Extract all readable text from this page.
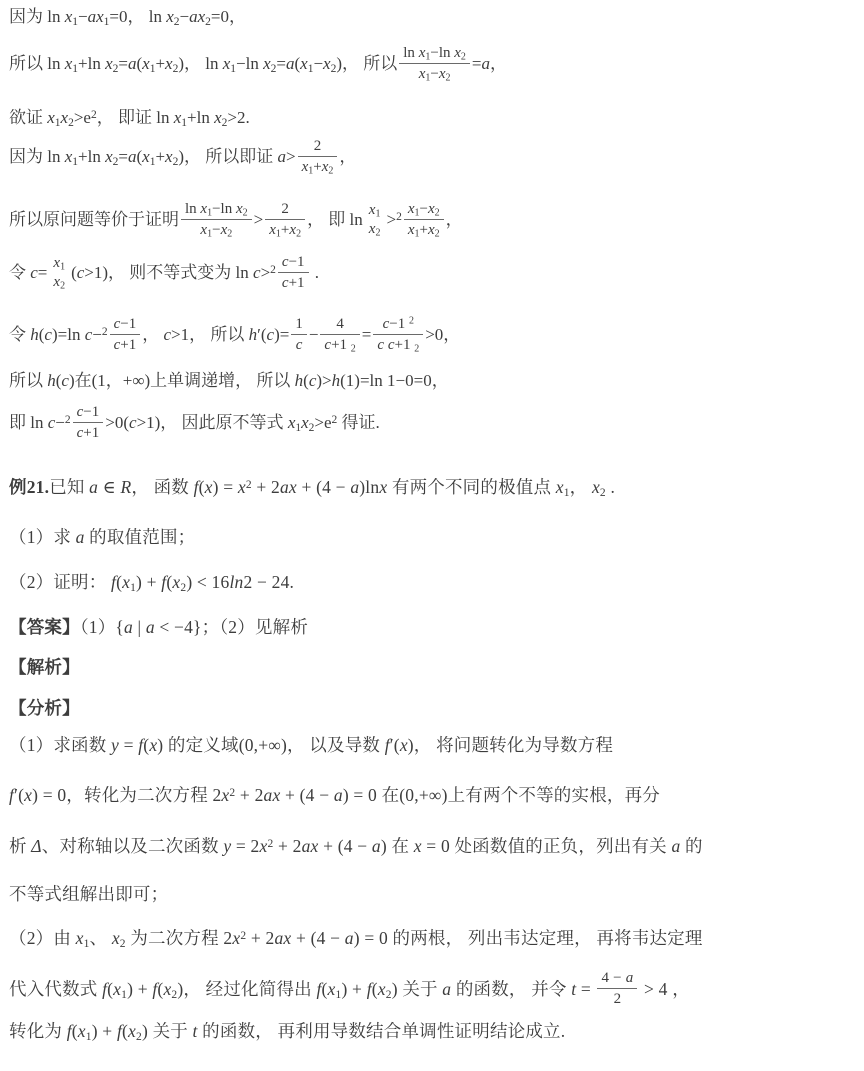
因为 $\ln x_1-ax_1=0$， $\ln x_2-ax_2=0$，
所以 $\ln x_1+\ln$ $x_2=a(x_1+x_2)$， $\ln x_1-\ln$ $x_2=a(x_1-x_2)$， 所以 $\frac{\ln x_1-\ln x_2}{x_1-x_2} =a$，
欲证 $x_1x_2>e^2$， 即证 $\ln x_1+\ln$ $x_2>2$.
因为 $\ln x_1+\ln$ $x_2=a(x_1+x_2)$， 所以即证 $a> \frac{2}{x_1+x_2}$ ，
所以原问题等价于证明 $\frac{\ln x_1-\ln x_2}{x_1-x_2} > \frac{2}{x_1+x_2}$ ， 即 ln
$x_1$
$x_2$
$>^2 \frac{x_1-x_2}{x_1+x_2}$ ，
令 c=
$x_1$
$x_2$
(c>1)， 则不等式变为 $\ln c>^2 \frac{c-1}{c+1}$ .
令 h(c)=ln $c-^2 \frac{c-1}{c+1}$ ， c>1， 所以 $h'(c)= \frac{1}{c} - \frac{4}{c+1 _2} = \frac{c-1 ^2}{c c+1 _2} >0$，
所以 h(c)在(1，+∞)上单调递增， 所以 h(c)>h(1)=ln 1−0=0，
即 $\ln c-^2 \frac{c-1}{c+1} >0(c>1)$， 因此原不等式 $x_1x_2>e^2$ 得证.
例21.已知 a ∈ R， 函数 $f(x) = x^2 + 2ax + (4 - a)\ln x$ 有两个不同的极值点 $x_1$， $x_2$ .
（1）求 a 的取值范围；
（2）证明： $f(x_1) + f(x_2) < 16\ln 2 - 24$.
【答案】（1）{a | a < −4}；（2）见解析
【解析】
【分析】
（1）求函数 y = f(x) 的定义域(0,+∞)， 以及导数 f′(x)， 将问题转化为导数方程
f′(x) = 0，转化为二次方程 $2x^2 + 2ax + (4 - a) = 0$ 在(0,+∞)上有两个不等的实根，再分
析 Δ、对称轴以及二次函数 $y = 2x^2 + 2ax + (4 - a)$ 在 x = 0 处函数值的正负，列出有关 a 的
不等式组解出即可；
（2）由 $x_1$、 $x_2$ 为二次方程 $2x^2 + 2ax + (4 - a) = 0$ 的两根， 列出韦达定理， 再将韦达定理
代入代数式 $f(x_1) + f(x_2)$， 经过化简得出 $f(x_1) + f(x_2)$ 关于 a 的函数， 并令 $t = \frac{4 - a}{2} > 4$ ，
转化为 $f(x_1) + f(x_2)$ 关于 t 的函数， 再利用导数结合单调性证明结论成立.
